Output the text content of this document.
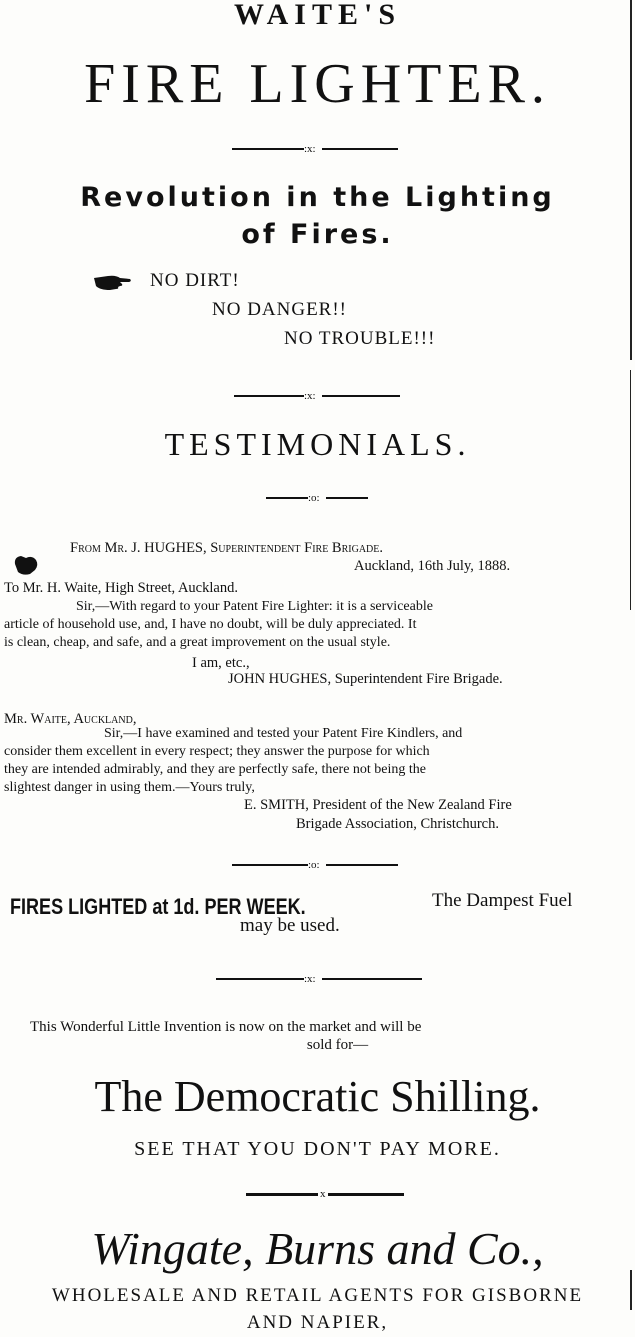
WAITE'S
FIRE LIGHTER.
:x:
Revolution in the Lighting
of Fires.
NO DIRT!
NO DANGER!!
NO TROUBLE!!!
:x:
TESTIMONIALS.
:o:
From Mr. J. HUGHES, Superintendent Fire Brigade.
Auckland, 16th July, 1888.
To Mr. H. Waite, High Street, Auckland.
Sir,—With regard to your Patent Fire Lighter: it is a serviceable
article of household use, and, I have no doubt, will be duly appreciated. It
is clean, cheap, and safe, and a great improvement on the usual style.
I am, etc.,
JOHN HUGHES, Superintendent Fire Brigade.
Mr. Waite, Auckland,
Sir,—I have examined and tested your Patent Fire Kindlers, and
consider them excellent in every respect; they answer the purpose for which
they are intended admirably, and they are perfectly safe, there not being the
slightest danger in using them.—Yours truly,
E. SMITH, President of the New Zealand Fire
Brigade Association, Christchurch.
:o:
FIRES LIGHTED at 1d. PER WEEK.	The Dampest Fuel
may be used.
:x:
This Wonderful Little Invention is now on the market and will be
sold for—
The Democratic Shilling.
SEE THAT YOU DON'T PAY MORE.
x
Wingate, Burns and Co.,
WHOLESALE AND RETAIL AGENTS FOR GISBORNE
AND NAPIER,
